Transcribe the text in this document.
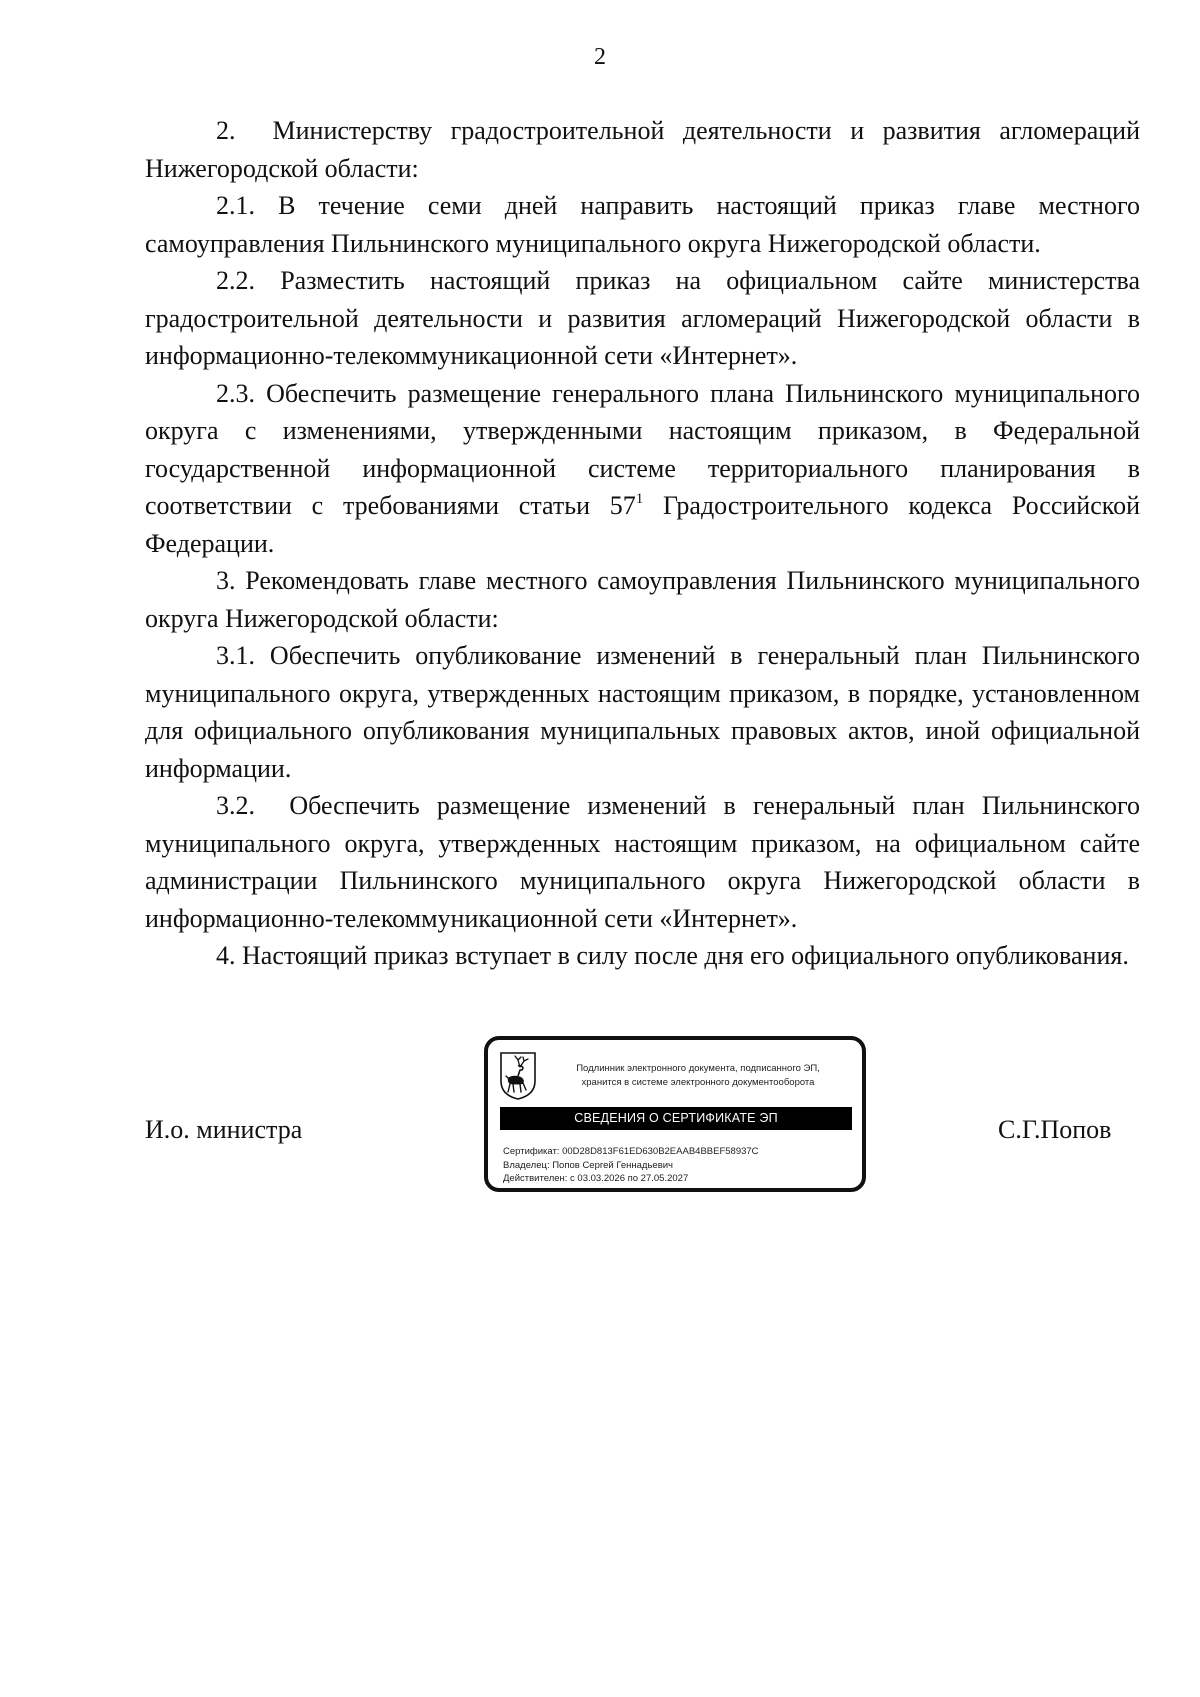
2

2.  Министерству градостроительной деятельности и развития агломераций Нижегородской области:

2.1. В течение семи дней направить настоящий приказ главе местного самоуправления Пильнинского муниципального округа Нижегородской области.

2.2. Разместить настоящий приказ на официальном сайте министерства градостроительной деятельности и развития агломераций Нижегородской области в информационно-телекоммуникационной сети «Интернет».

2.3. Обеспечить размещение генерального плана Пильнинского муниципального округа с изменениями, утвержденными настоящим приказом, в Федеральной государственной информационной системе территориального планирования в соответствии с требованиями статьи $57^1$ Градостроительного кодекса Российской Федерации.

3. Рекомендовать главе местного самоуправления Пильнинского муниципального округа Нижегородской области:

3.1. Обеспечить опубликование изменений в генеральный план Пильнинского муниципального округа, утвержденных настоящим приказом, в порядке, установленном для официального опубликования муниципальных правовых актов, иной официальной информации.

3.2.  Обеспечить размещение изменений в генеральный план Пильнинского муниципального округа, утвержденных настоящим приказом, на официальном сайте администрации Пильнинского муниципального округа Нижегородской области в информационно-телекоммуникационной сети «Интернет».

4. Настоящий приказ вступает в силу после дня его официального опубликования.

И.о. министра	С.Г.Попов
Подлинник электронного документа, подписанного ЭП,
хранится в системе электронного документооборота
СВЕДЕНИЯ О СЕРТИФИКАТЕ ЭП
Сертификат: 00D28D813F61ED630B2EAAB4BBEF58937C
Владелец: Попов Сергей Геннадьевич
Действителен: с 03.03.2026 по 27.05.2027
